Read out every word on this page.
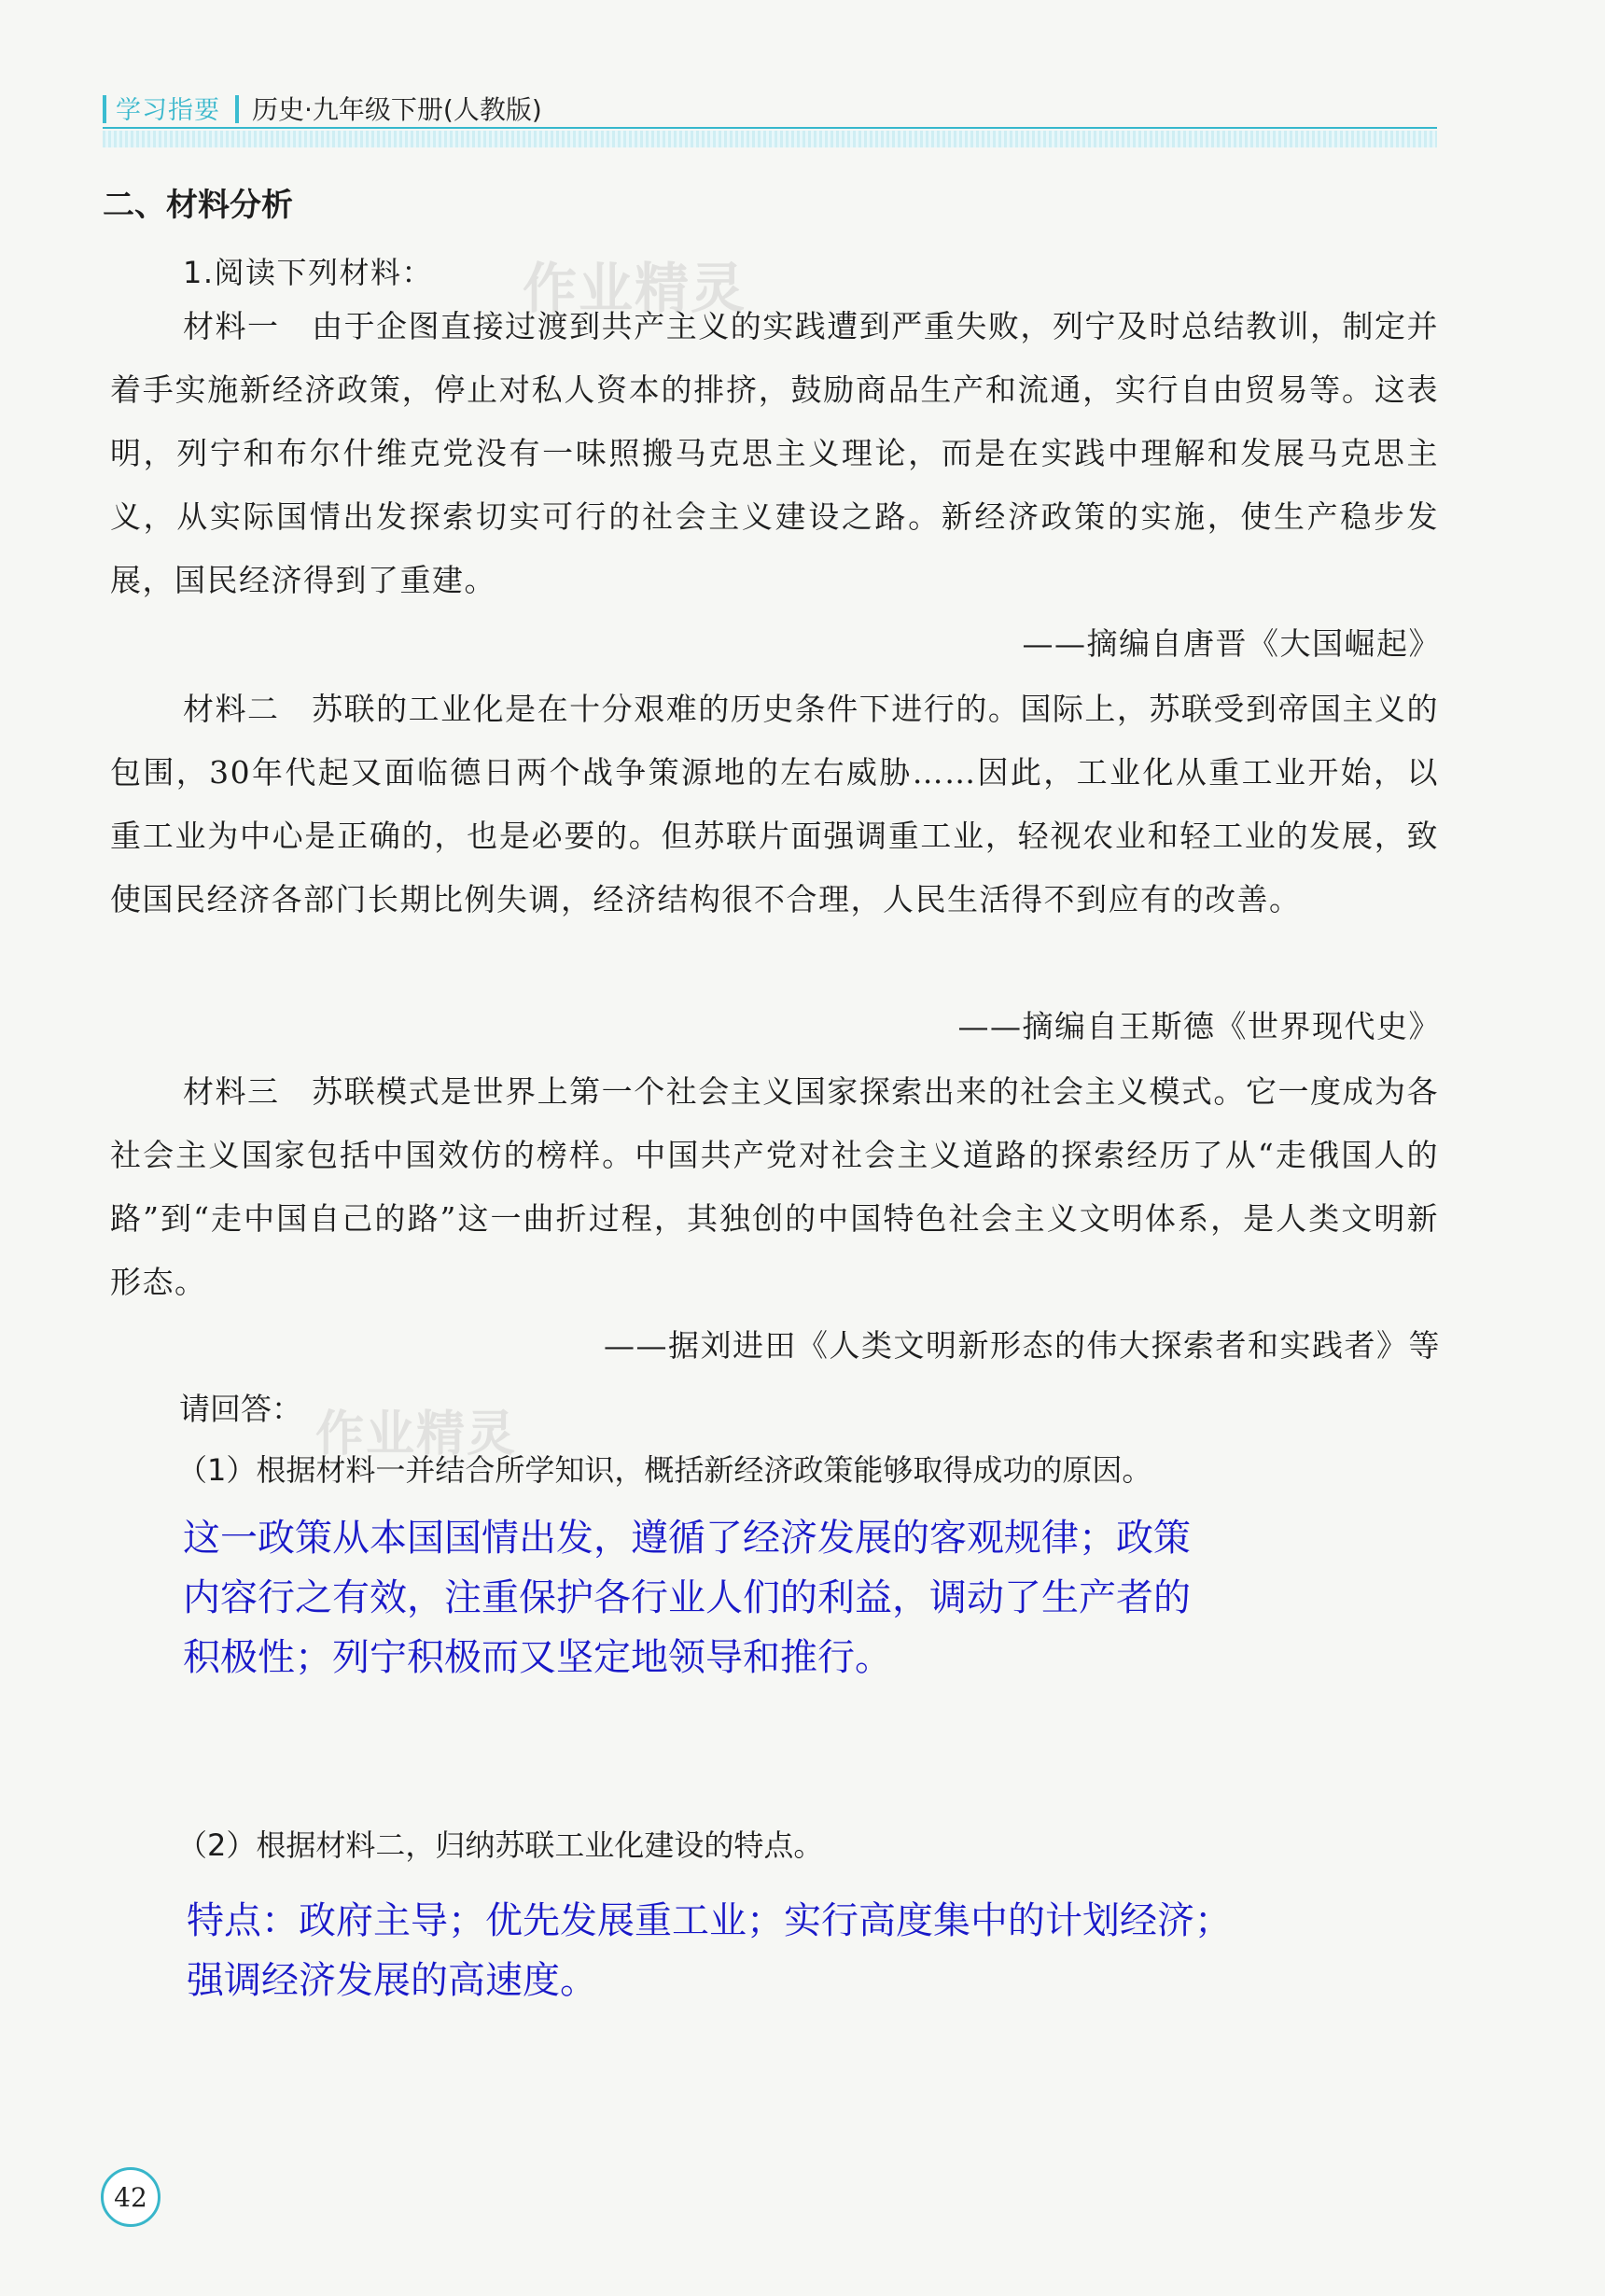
学习指要 历史·九年级下册(人教版)
二、材料分析
1.阅读下列材料：

材料一　 由于企图直接过渡到共产主义的实践遭到严重失败，列宁及时总结教训，制定并着手实施新经济政策，停止对私人资本的排挤，鼓励商品生产和流通，实行自由贸易等。这表明，列宁和布尔什维克党没有一味照搬马克思主义理论，而是在实践中理解和发展马克思主义，从实际国情出发探索切实可行的社会主义建设之路。新经济政策的实施，使生产稳步发展，国民经济得到了重建。

——摘编自唐晋《大国崛起》

材料二　 苏联的工业化是在十分艰难的历史条件下进行的。国际上，苏联受到帝国主义的包围，30年代起又面临德日两个战争策源地的左右威胁……因此，工业化从重工业开始，以重工业为中心是正确的，也是必要的。但苏联片面强调重工业，轻视农业和轻工业的发展，致使国民经济各部门长期比例失调，经济结构很不合理，人民生活得不到应有的改善。

——摘编自王斯德《世界现代史》

材料三　 苏联模式是世界上第一个社会主义国家探索出来的社会主义模式。它一度成为各社会主义国家包括中国效仿的榜样。中国共产党对社会主义道路的探索经历了从“走俄国人的路”到“走中国自己的路”这一曲折过程，其独创的中国特色社会主义文明体系，是人类文明新形态。

——据刘进田《人类文明新形态的伟大探索者和实践者》等
请回答：
（1）根据材料一并结合所学知识，概括新经济政策能够取得成功的原因。
这一政策从本国国情出发，遵循了经济发展的客观规律；政策
内容行之有效，注重保护各行业人们的利益，调动了生产者的
积极性；列宁积极而又坚定地领导和推行。
（2）根据材料二，归纳苏联工业化建设的特点。
特点：政府主导；优先发展重工业；实行高度集中的计划经济；
强调经济发展的高速度。
作业精灵
作业精灵
42
